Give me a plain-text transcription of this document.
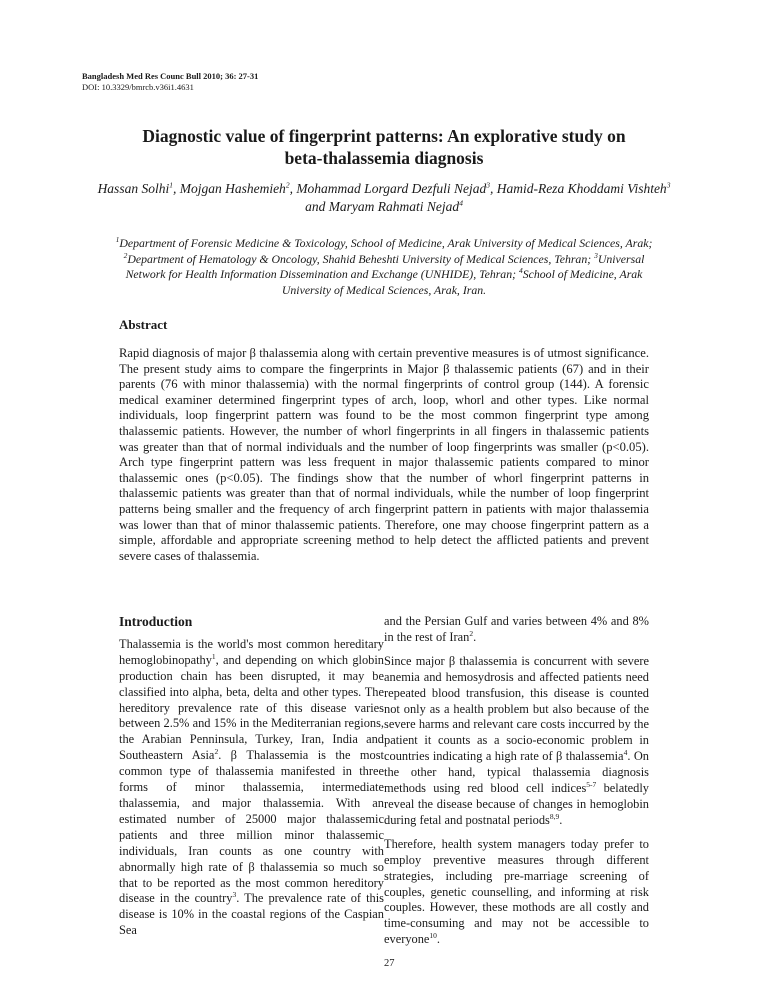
Bangladesh Med Res Counc Bull 2010; 36: 27-31
DOI: 10.3329/bmrcb.v36i1.4631
Diagnostic value of fingerprint patterns: An explorative study on
beta-thalassemia diagnosis
Hassan Solhi$^1$, Mojgan Hashemieh$^2$, Mohammad Lorgard Dezfuli Nejad$^3$, Hamid-Reza Khoddami Vishteh$^3$ and Maryam Rahmati Nejad$^4$
$^1$Department of Forensic Medicine & Toxicology, School of Medicine, Arak University of Medical Sciences, Arak; $^2$Department of Hematology & Oncology, Shahid Beheshti University of Medical Sciences, Tehran; $^3$Universal Network for Health Information Dissemination and Exchange (UNHIDE), Tehran; $^4$School of Medicine, Arak University of Medical Sciences, Arak, Iran.
Abstract

Rapid diagnosis of major β thalassemia along with certain preventive measures is of utmost significance. The present study aims to compare the fingerprints in Major β thalassemic patients (67) and in their parents (76 with minor thalassemia) with the normal fingerprints of control group (144). A forensic medical examiner determined fingerprint types of arch, loop, whorl and other types. Like normal individuals, loop fingerprint pattern was found to be the most common fingerprint type among thalassemic patients. However, the number of whorl fingerprints in all fingers in thalassemic patients was greater than that of normal individuals and the number of loop fingerprints was smaller (p<0.05). Arch type fingerprint pattern was less frequent in major thalassemic patients compared to minor thalassemic ones (p<0.05). The findings show that the number of whorl fingerprint patterns in thalassemic patients was greater than that of normal individuals, while the number of loop fingerprint patterns being smaller and the frequency of arch fingerprint pattern in patients with major thalassemia was lower than that of minor thalassemic patients. Therefore, one may choose fingerprint pattern as a simple, affordable and appropriate screening method to help detect the afflicted patients and prevent severe cases of thalassemia.

Introduction

Thalassemia is the world's most common hereditary hemoglobinopathy$^1$, and depending on which globin production chain has been disrupted, it may be classified into alpha, beta, delta and other types. The hereditory prevalence rate of this disease varies between 2.5% and 15% in the Mediterranian regions, the Arabian Penninsula, Turkey, Iran, India and Southeastern Asia$^2$. β Thalassemia is the most common type of thalassemia manifested in three forms of minor thalassemia, intermediate thalassemia, and major thalassemia. With an estimated number of 25000 major thalassemic patients and three million minor thalassemic individuals, Iran counts as one country with abnormally high rate of β thalassemia so much so that to be reported as the most common hereditory disease in the country$^3$. The prevalence rate of this disease is 10% in the coastal regions of the Caspian Sea

and the Persian Gulf and varies between 4% and 8% in the rest of Iran$^2$.

Since major β thalassemia is concurrent with severe anemia and hemosydrosis and affected patients need repeated blood transfusion, this disease is counted not only as a health problem but also because of the severe harms and relevant care costs inccurred by the patient it counts as a socio-economic problem in countries indicating a high rate of β thalassemia$^4$. On the other hand, typical thalassemia diagnosis methods using red blood cell indices$^{5-7}$ belatedly reveal the disease because of changes in hemoglobin during fetal and postnatal periods$^{8,9}$.

Therefore, health system managers today prefer to employ preventive measures through different strategies, including pre-marriage screening of couples, genetic counselling, and informing at risk couples. However, these mothods are all costly and time-consuming and may not be accessible to everyone$^{10}$.

27
